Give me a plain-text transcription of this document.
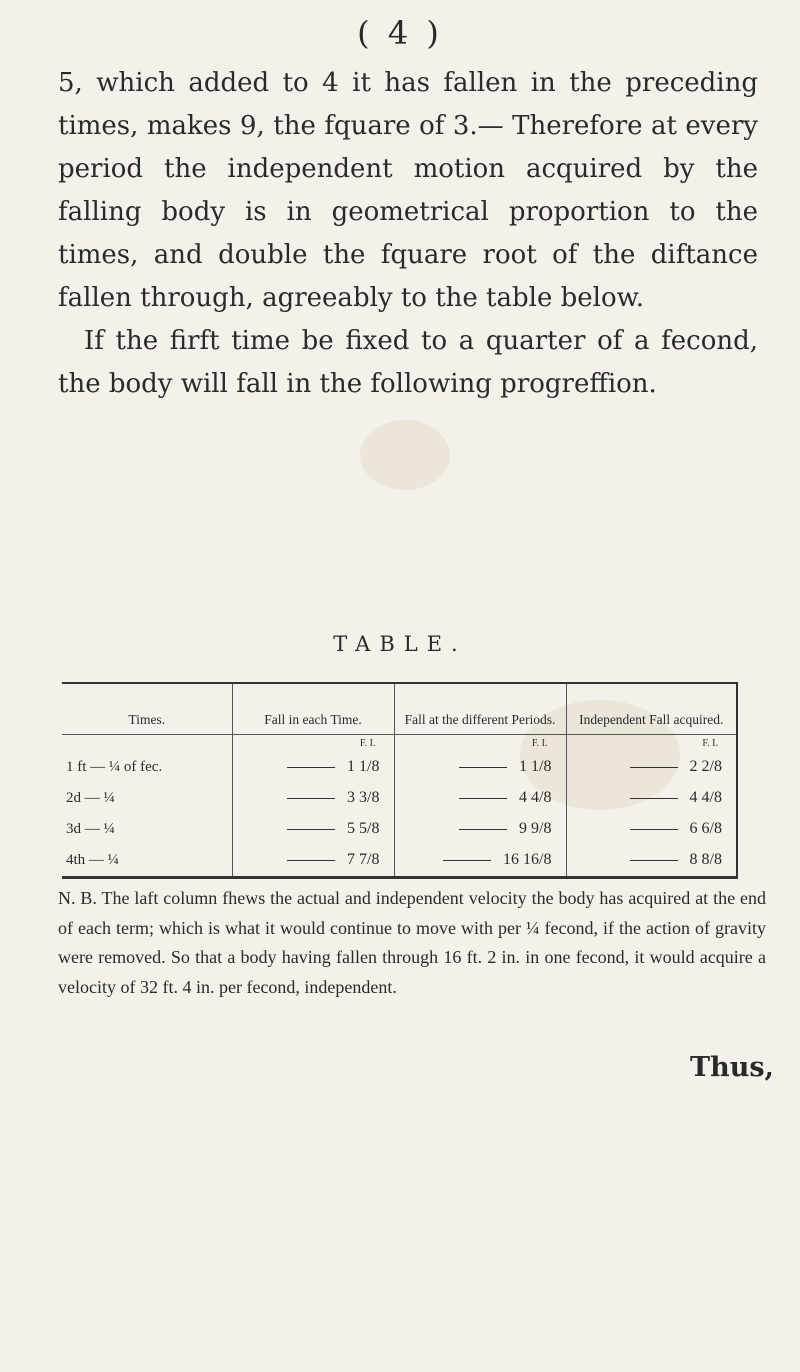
( 4 )

5, which added to 4 it has fallen in the preceding times, makes 9, the fquare of 3.— Therefore at every period the independent motion acquired by the falling body is in geometrical proportion to the times, and double the fquare root of the diftance fallen through, agreeably to the table below.

If the firft time be fixed to a quarter of a fecond, the body will fall in the following progreffion.

TABLE.
Times.	Fall in each Time.	Fall at the different Periods.	Independent Fall acquired.
	F. I.	F. I.	F. I.
1 ft — ¼ of fec.	1 1/8	1 1/8	2 2/8
2d — ¼	3 3/8	4 4/8	4 4/8
3d — ¼	5 5/8	9 9/8	6 6/8
4th — ¼	7 7/8	16 16/8	8 8/8
N. B. The laft column fhews the actual and independent velocity the body has acquired at the end of each term; which is what it would continue to move with per ¼ fecond, if the action of gravity were removed. So that a body having fallen through 16 ft. 2 in. in one fecond, it would acquire a velocity of 32 ft. 4 in. per fecond, independent.
Thus,
